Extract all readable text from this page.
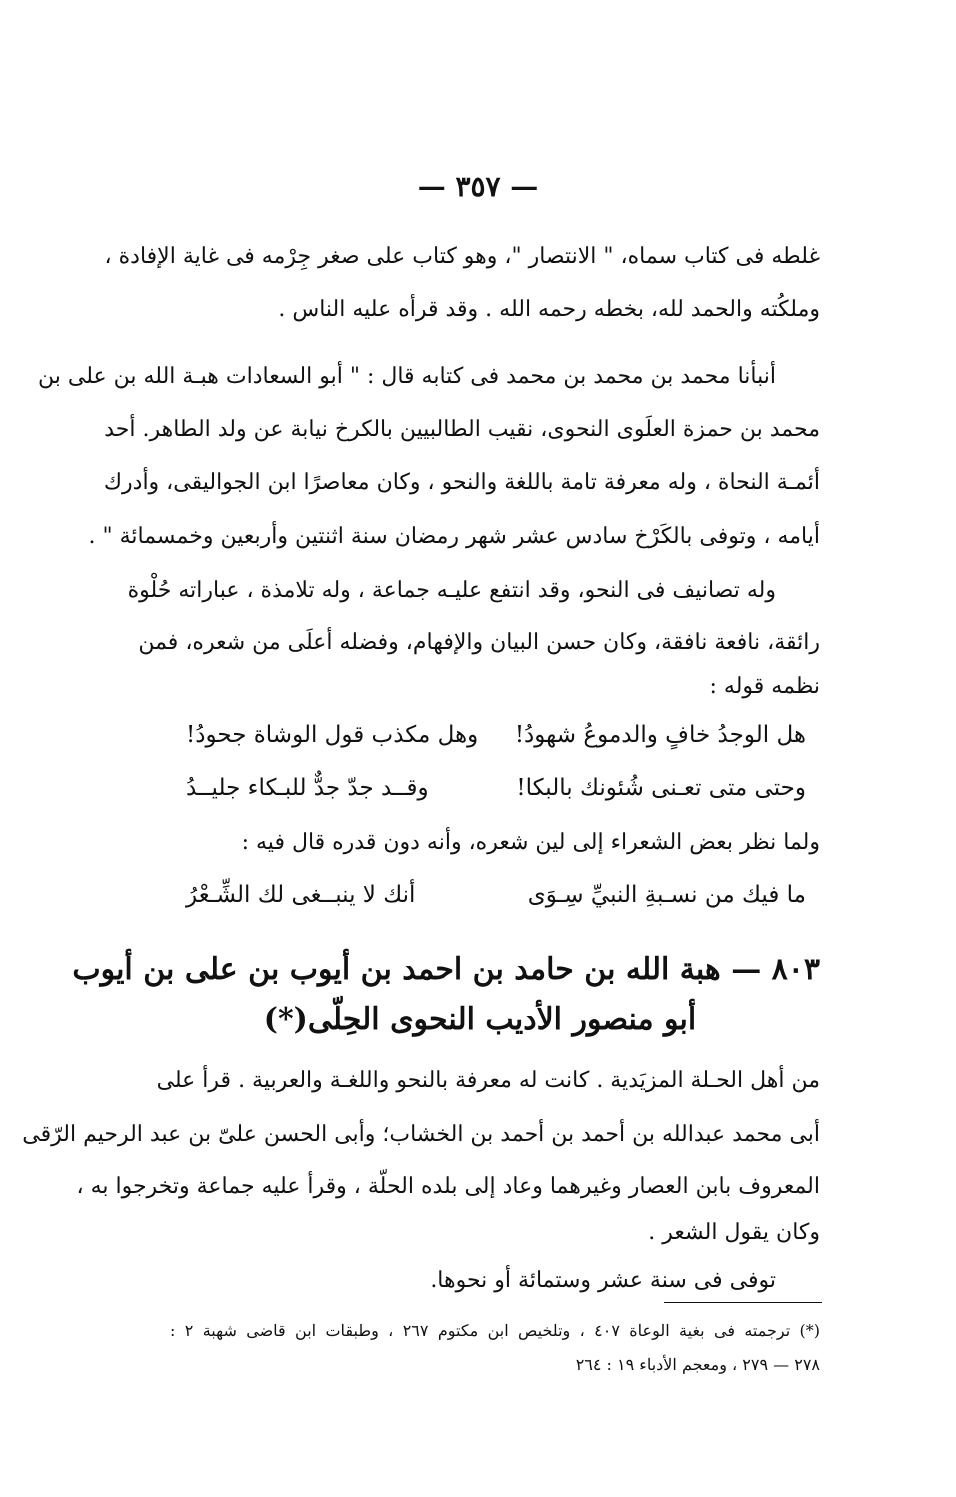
— ٣٥٧ —
غلطه فى كتاب سماه، " الانتصار "، وهو كتاب على صغر جِرْمه فى غاية الإفادة ،
وملكُته والحمد لله، بخطه رحمه الله . وقد قرأه عليه الناس .
أنبأنا محمد بن محمد بن محمد فى كتابه قال : " أبو السعادات هبـة الله بن على بن
محمد بن حمزة العلَوى النحوى، نقيب الطالبيين بالكرخ نيابة عن ولد الطاهر. أحد
أئمـة النحاة ، وله معرفة تامة باللغة والنحو ، وكان معاصرًا ابن الجواليقى، وأدرك
أيامه ، وتوفى بالكَرْخ سادس عشر شهر رمضان سنة اثنتين وأربعين وخمسمائة " .
وله تصانيف فى النحو، وقد انتفع عليـه جماعة ، وله تلامذة ، عباراته حُلْوة
رائقة، نافعة نافقة، وكان حسن البيان والإفهام، وفضله أعلَى من شعره، فمن
نظمه قوله :
هل الوجدُ خافٍ والدموعُ شهودُ!
وهل مكذب قول الوشاة جحودُ!
وحتى متى تعـنى شُئونك بالبكا!
وقــد جدّ جدٌّ للبـكاء جليــدُ
ولما نظر بعض الشعراء إلى لين شعره، وأنه دون قدره قال فيه :
ما فيك من نسـبةِ النبيِّ سِـوَى
أنك لا ينبــغى لك الشِّـعْرُ
٨٠٣ — هبة الله بن حامد بن احمد بن أيوب بن على بن أيوب
أبو منصور الأديب النحوى الحِلّى(*)
من أهل الحـلة المزيَدية . كانت له معرفة بالنحو واللغـة والعربية . قرأ على
أبى محمد عبدالله بن أحمد بن أحمد بن الخشاب؛ وأبى الحسن علىّ بن عبد الرحيم الرّقى
المعروف بابن العصار وغيرهما وعاد إلى بلده الحلّة ، وقرأ عليه جماعة وتخرجوا به ،
وكان يقول الشعر .
توفى فى سنة عشر وستمائة أو نحوها.
(*) ترجمته فى بغية الوعاة ٤٠٧ ، وتلخيص ابن مكتوم ٢٦٧ ، وطبقات ابن قاضى شهبة ٢ :
٢٧٨ — ٢٧٩ ، ومعجم الأدباء ١٩ : ٢٦٤
